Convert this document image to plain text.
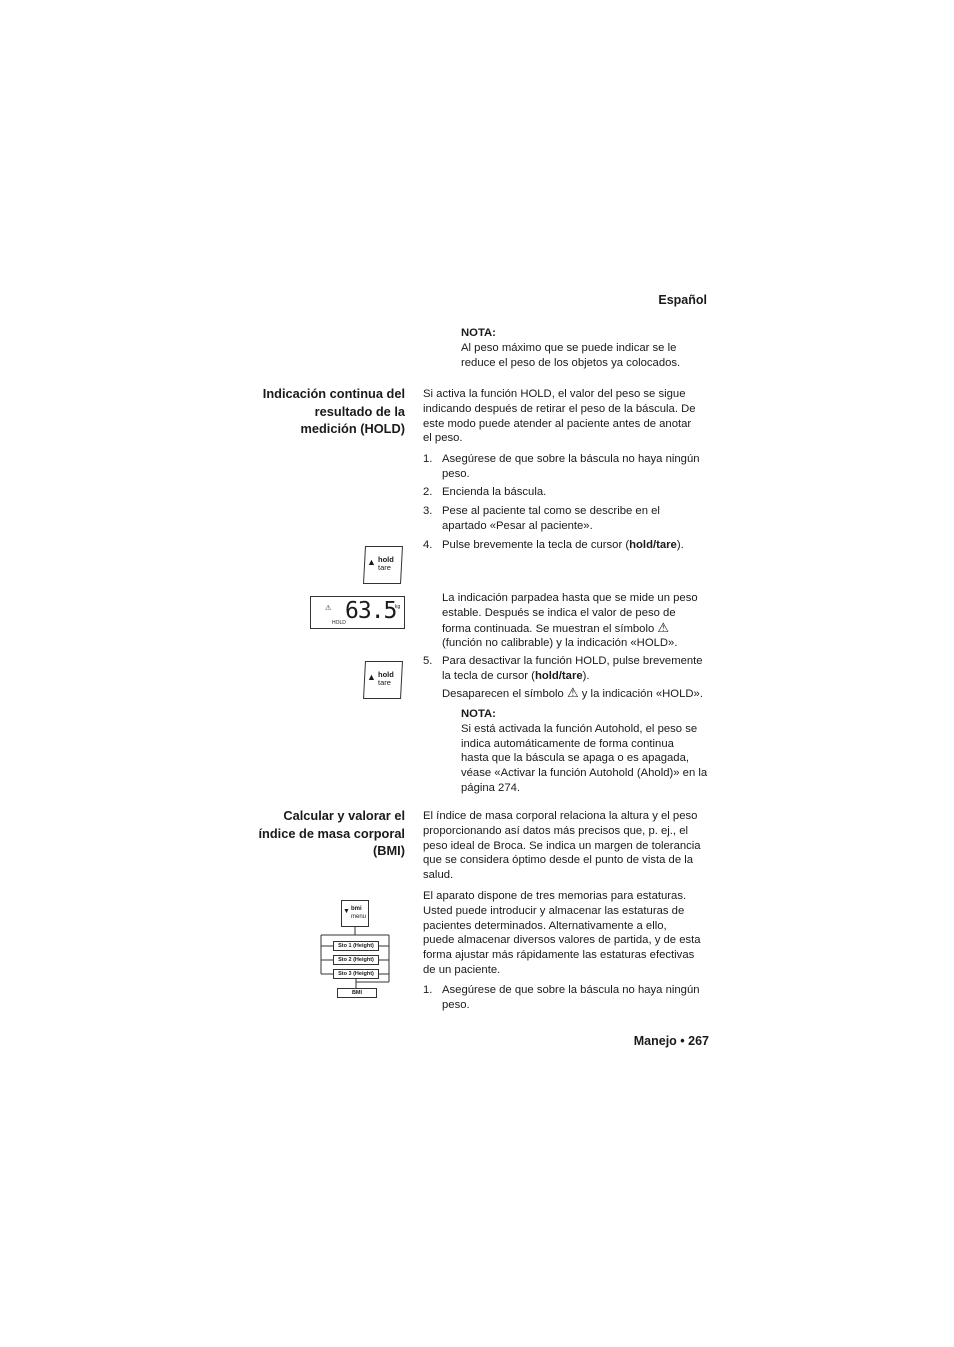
Español
NOTA:
Al peso máximo que se puede indicar se le
reduce el peso de los objetos ya colocados.
Indicación continua del
resultado de la
medición (HOLD)
Si activa la función HOLD, el valor del peso se sigue
indicando después de retirar el peso de la báscula. De
este modo puede atender al paciente antes de anotar
el peso.
1. Asegúrese de que sobre la báscula no haya ningún
peso.
2. Encienda la báscula.
3. Pese al paciente tal como se describe en el
apartado «Pesar al paciente».
4. Pulse brevemente la tecla de cursor (hold/tare).
▲ hold
tare
⚠ 63.5
kg
HOLD
La indicación parpadea hasta que se mide un peso
estable. Después se indica el valor de peso de
forma continuada. Se muestran el símbolo ⚠
(función no calibrable) y la indicación «HOLD».
▲ hold
tare
5. Para desactivar la función HOLD, pulse brevemente
la tecla de cursor (hold/tare).
Desaparecen el símbolo ⚠ y la indicación «HOLD».
NOTA:
Si está activada la función Autohold, el peso se
indica automáticamente de forma continua
hasta que la báscula se apaga o es apagada,
véase «Activar la función Autohold (Ahold)» en la
página 274.
Calcular y valorar el
índice de masa corporal
(BMI)
El índice de masa corporal relaciona la altura y el peso
proporcionando así datos más precisos que, p. ej., el
peso ideal de Broca. Se indica un margen de tolerancia
que se considera óptimo desde el punto de vista de la
salud.
El aparato dispone de tres memorias para estaturas.
Usted puede introducir y almacenar las estaturas de
pacientes determinados. Alternativamente a ello,
puede almacenar diversos valores de partida, y de esta
forma ajustar más rápidamente las estaturas efectivas
de un paciente.
1. Asegúrese de que sobre la báscula no haya ningún
peso.
▼ bmi
menu
Sto 1 (Height)
Sto 2 (Height)
Sto 3 (Height)
BMI
Manejo • 267
